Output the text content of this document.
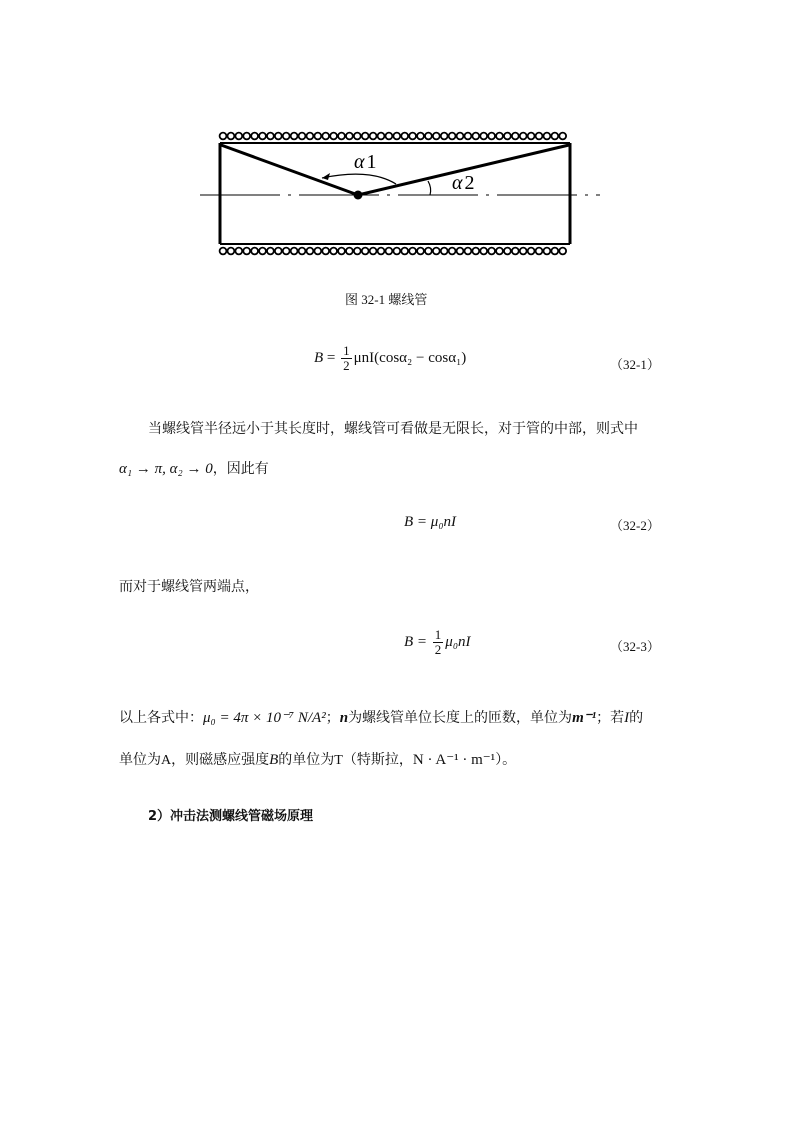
α 1
α 2
图 32-1 螺线管
$B = \frac{1}{2} \mu nI(\cos\alpha_2 - \cos\alpha_1)$	（32-1）
当螺线管半径远小于其长度时，螺线管可看做是无限长，对于管的中部，则式中
α₁ → π, α₂ → 0，因此有
B = μ₀nI	（32-2）
而对于螺线管两端点，
$B = \frac{1}{2} \mu_0nI$	（32-3）
以上各式中：μ₀ = 4π × 10⁻⁷ N/A²；n为螺线管单位长度上的匝数，单位为m⁻¹；若I的
单位为A，则磁感应强度B的单位为T（特斯拉，N · A⁻¹ · m⁻¹）。
2）冲击法测螺线管磁场原理
